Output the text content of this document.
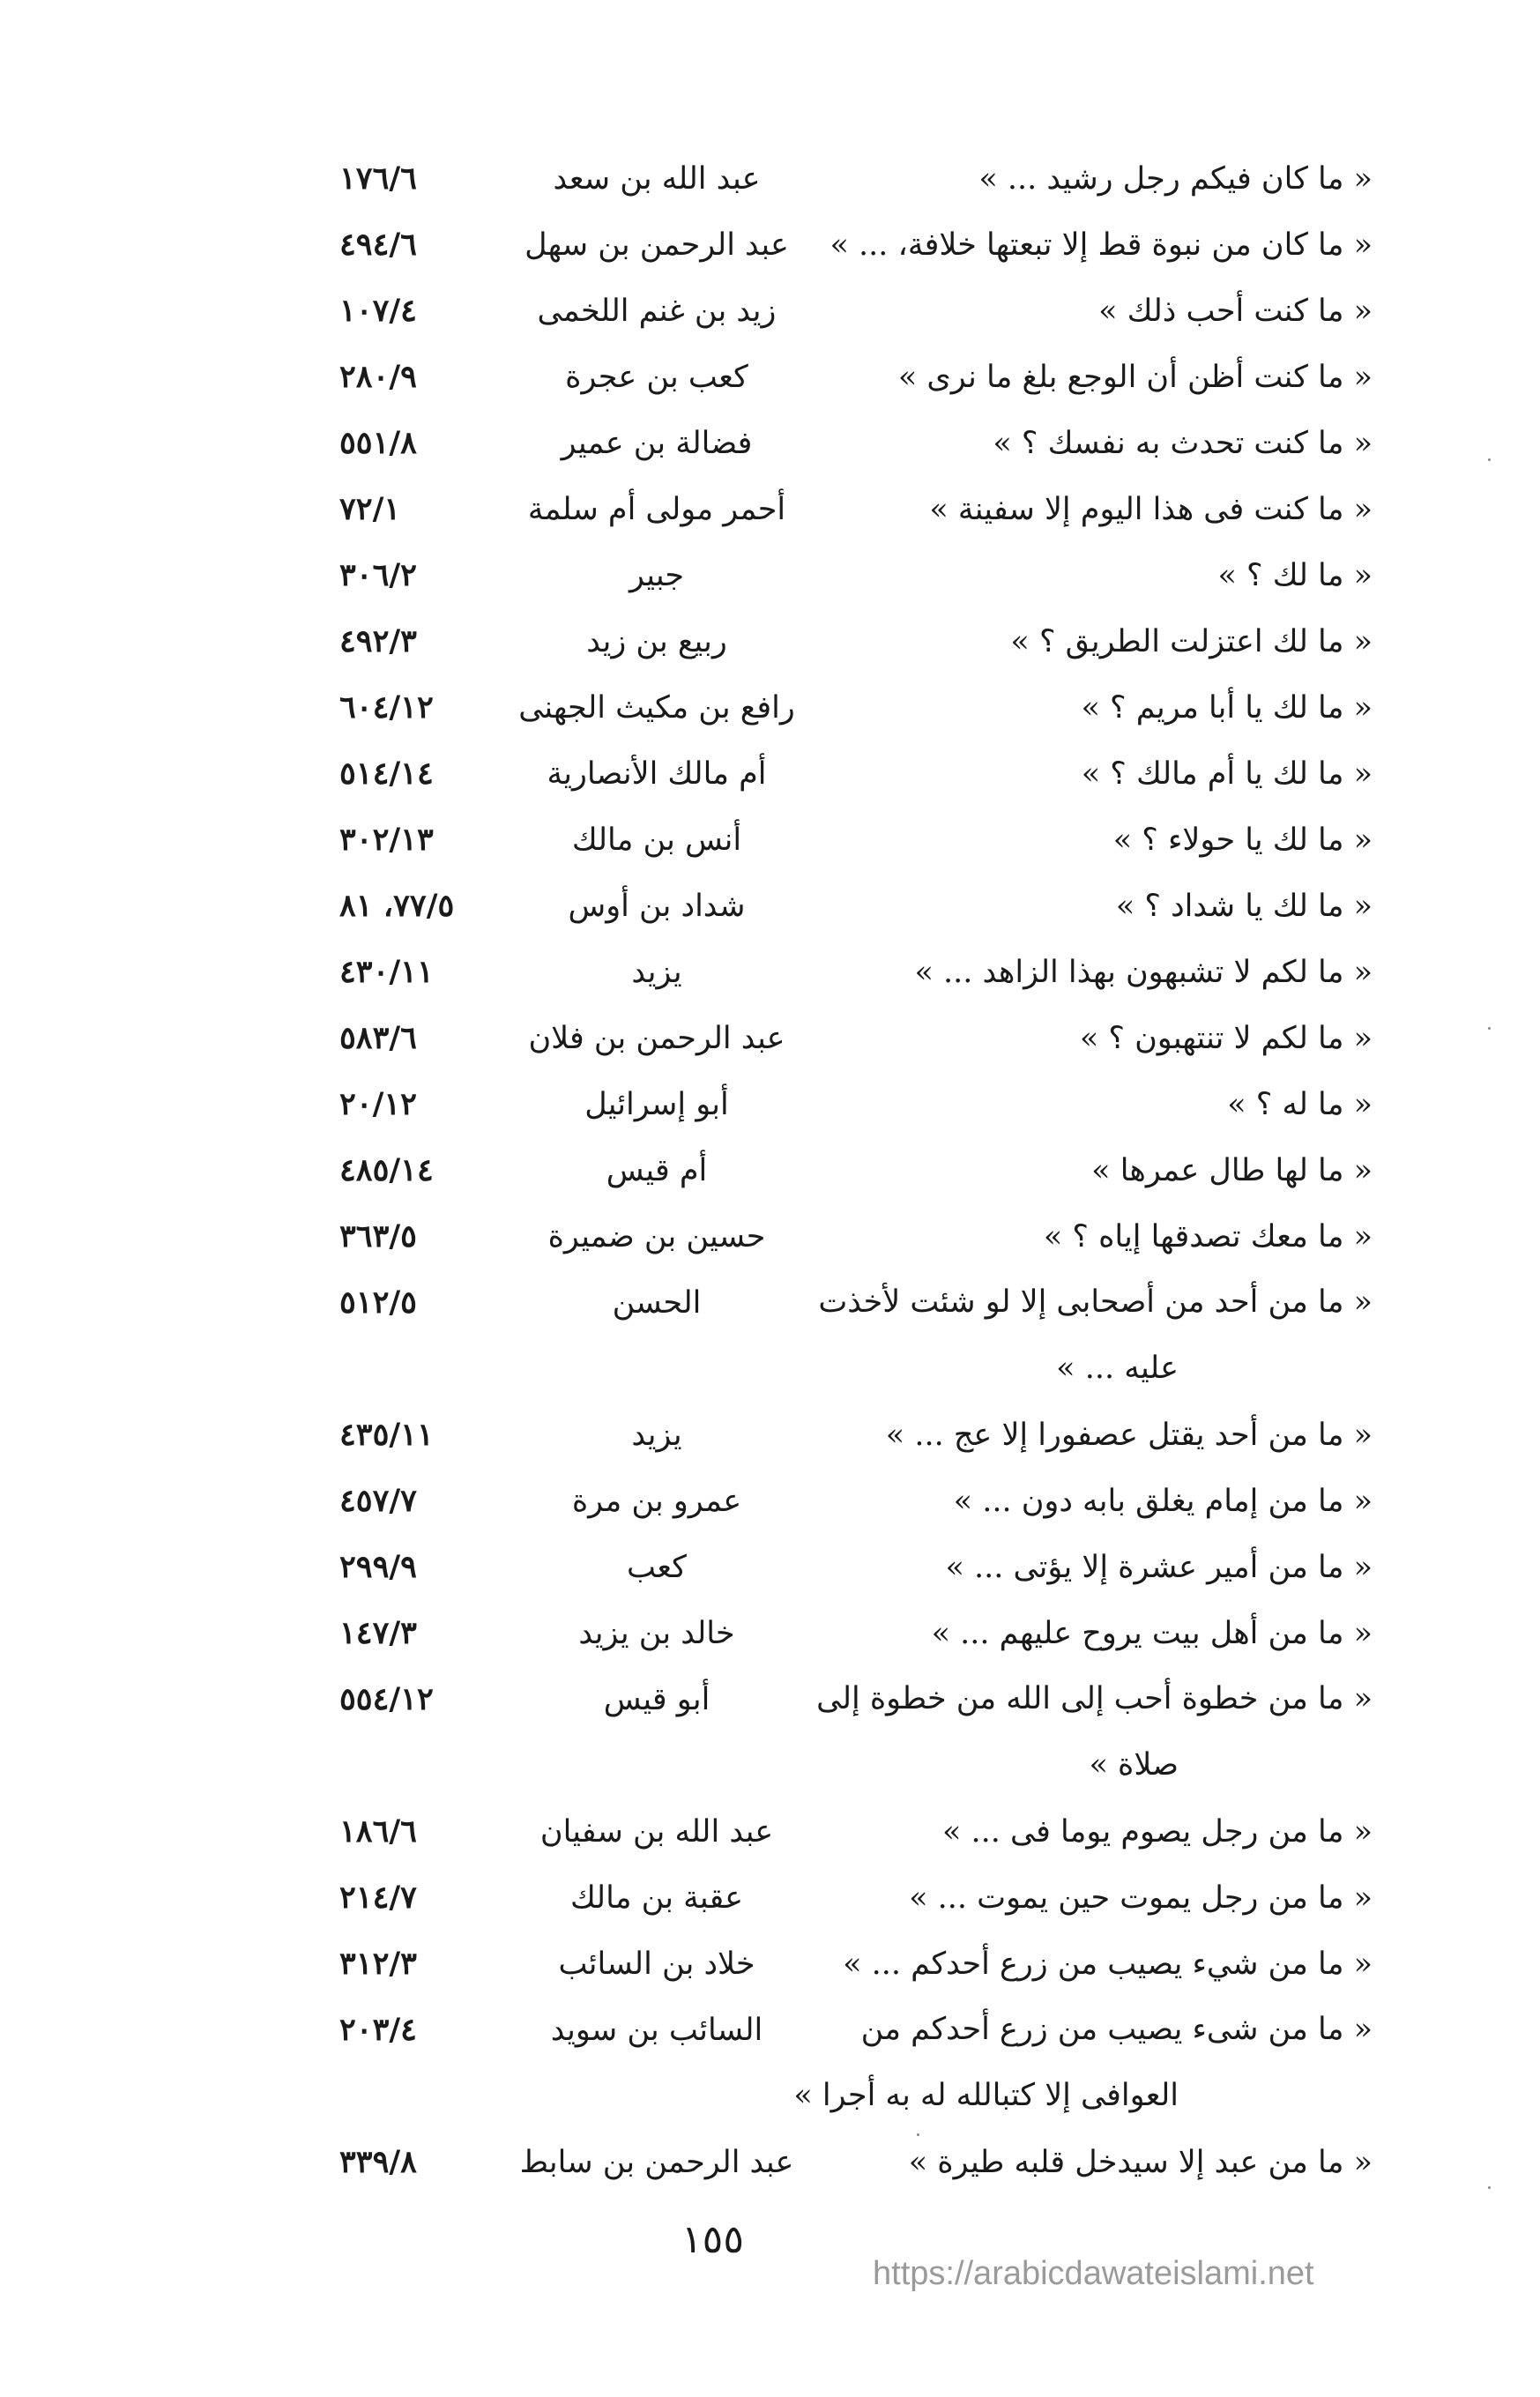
« ما كان فيكم رجل رشيد ... »
عبد الله بن سعد
١٧٦/٦
« ما كان من نبوة قط إلا تبعتها خلافة، ... »
عبد الرحمن بن سهل
٤٩٤/٦
« ما كنت أحب ذلك »
زيد بن غنم اللخمى
١٠٧/٤
« ما كنت أظن أن الوجع بلغ ما نرى »
كعب بن عجرة
٢٨٠/٩
« ما كنت تحدث به نفسك ؟ »
فضالة بن عمير
٥٥١/٨
« ما كنت فى هذا اليوم إلا سفينة »
أحمر مولى أم سلمة
٧٢/١
« ما لك ؟ »
جبير
٣٠٦/٢
« ما لك اعتزلت الطريق ؟ »
ربيع بن زيد
٤٩٢/٣
« ما لك يا أبا مريم ؟ »
رافع بن مكيث الجهنى
٦٠٤/١٢
« ما لك يا أم مالك ؟ »
أم مالك الأنصارية
٥١٤/١٤
« ما لك يا حولاء ؟ »
أنس بن مالك
٣٠٢/١٣
« ما لك يا شداد ؟ »
شداد بن أوس
٧٧/٥، ٨١
« ما لكم لا تشبهون بهذا الزاهد ... »
يزيد
٤٣٠/١١
« ما لكم لا تنتهبون ؟ »
عبد الرحمن بن فلان
٥٨٣/٦
« ما له ؟ »
أبو إسرائيل
٢٠/١٢
« ما لها طال عمرها »
أم قيس
٤٨٥/١٤
« ما معك تصدقها إياه ؟ »
حسين بن ضميرة
٣٦٣/٥
« ما من أحد من أصحابى إلا لو شئت لأخذت
عليه ... »
الحسن
٥١٢/٥
« ما من أحد يقتل عصفورا إلا عج ... »
يزيد
٤٣٥/١١
« ما من إمام يغلق بابه دون ... »
عمرو بن مرة
٤٥٧/٧
« ما من أمير عشرة إلا يؤتى ... »
كعب
٢٩٩/٩
« ما من أهل بيت يروح عليهم ... »
خالد بن يزيد
١٤٧/٣
« ما من خطوة أحب إلى الله من خطوة إلى
صلاة »
أبو قيس
٥٥٤/١٢
« ما من رجل يصوم يوما فى ... »
عبد الله بن سفيان
١٨٦/٦
« ما من رجل يموت حين يموت ... »
عقبة بن مالك
٢١٤/٧
« ما من شيء يصيب من زرع أحدكم ... »
خلاد بن السائب
٣١٢/٣
« ما من شىء يصيب من زرع أحدكم من
العوافى إلا كتبالله له به أجرا »
السائب بن سويد
٢٠٣/٤
« ما من عبد إلا سيدخل قلبه طيرة »
عبد الرحمن بن سابط
٣٣٩/٨
١٥٥
https://arabicdawateislami.net
